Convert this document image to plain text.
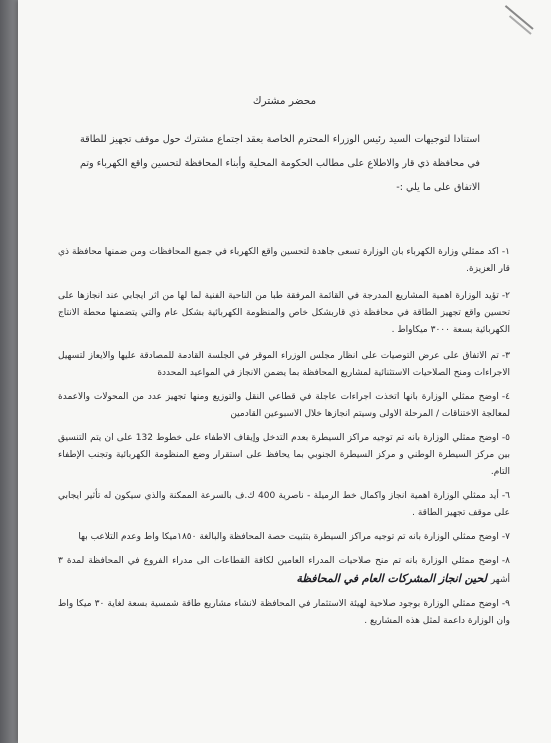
محضر مشترك
استنادا لتوجيهات السيد رئيس الوزراء المحترم الخاصة بعقد اجتماع مشترك حول موقف تجهيز للطاقة في محافظة ذي قار والاطلاع على مطالب الحكومة المحلية وأبناء المحافظة لتحسين واقع الكهرباء وتم الاتفاق على ما يلي :-

١-اكد ممثلي وزارة الكهرباء بان الوزارة تسعى جاهدة لتحسين واقع الكهرباء في جميع المحافظات ومن ضمنها محافظة ذي قار العزيزة.

٢-تؤيد الوزارة اهمية المشاريع المدرجة في القائمة المرفقة طبا من الناحية الفنية لما لها من اثر ايجابي عند انجازها على تحسين واقع تجهيز الطاقة في محافظة ذي قاربشكل خاص والمنظومة الكهربائية بشكل عام والتي يتضمنها محطة الانتاج الكهربائية بسعة ٣٠٠٠ ميكاواط .

٣-تم الاتفاق على عرض التوصيات على انظار مجلس الوزراء الموقر في الجلسة القادمة للمصادقة عليها والايعاز لتسهيل الاجراءات ومنح الصلاحيات الاستثنائية لمشاريع المحافظة بما يضمن الانجاز في المواعيد المحددة

٤-اوضح ممثلي الوزارة بانها اتخذت اجراءات عاجلة في قطاعي النقل والتوزيع ومنها تجهيز عدد من المحولات والاعمدة لمعالجة الاختناقات / المرحلة الاولى وسيتم انجازها خلال الاسبوعين القادمين

٥-اوضح ممثلي الوزارة بانه تم توجيه مراكز السيطرة بعدم التدخل وإيقاف الاطفاء على خطوط 132 على ان يتم التنسيق بين مركز السيطرة الوطني و مركز السيطرة الجنوبي بما يحافظ على استقرار وضع المنظومة الكهربائية وتجنب الإطفاء التام.

٦-أيد ممثلي الوزارة اهمية انجاز واكمال خط الرميلة - ناصرية 400 ك.ف بالسرعة الممكنة والذي سيكون له تأثير ايجابي على موقف تجهيز الطاقة .

٧-اوضح ممثلي الوزارة بانه تم توجيه مراكز السيطرة بتثبيت حصة المحافظة والبالغة ١٨٥٠ميكا واط وعدم التلاعب بها

٨-اوضح ممثلي الوزارة بانه تم منح صلاحيات المدراء العامين لكافة القطاعات الى مدراء الفروع في المحافظة لمدة ٣ أشهرلحين انجاز المشركات العام في المحافظة

٩-اوضح ممثلي الوزارة بوجود صلاحية لهيئة الاستثمار في المحافظة لانشاء مشاريع طاقة شمسية بسعة لغاية ٣٠ ميكا واط وان الوزارة داعمة لمثل هذه المشاريع .
